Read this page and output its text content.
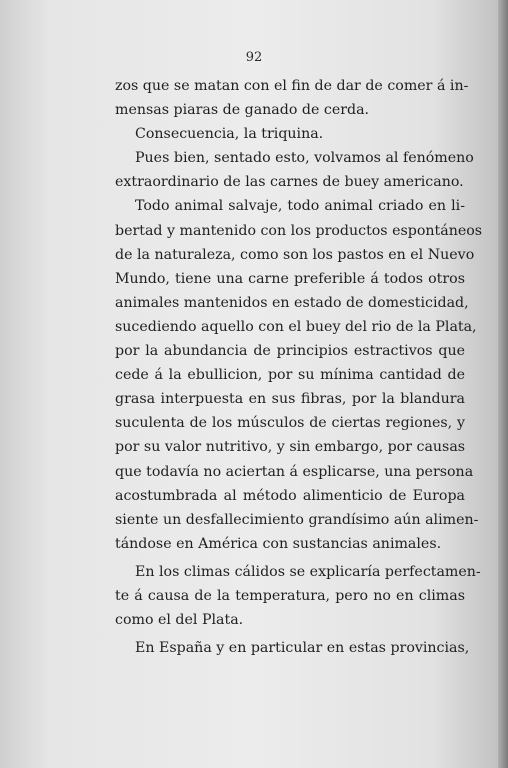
92
zos que se matan con el fin de dar de comer á in-
mensas piaras de ganado de cerda.
Consecuencia, la triquina.
Pues bien, sentado esto, volvamos al fenómeno
extraordinario de las carnes de buey americano.
Todo animal salvaje, todo animal criado en li-
bertad y mantenido con los productos espontáneos
de la naturaleza, como son los pastos en el Nuevo
Mundo, tiene una carne preferible á todos otros
animales mantenidos en estado de domesticidad,
sucediendo aquello con el buey del rio de la Plata,
por la abundancia de principios estractivos que
cede á la ebullicion, por su mínima cantidad de
grasa interpuesta en sus fibras, por la blandura
suculenta de los músculos de ciertas regiones, y
por su valor nutritivo, y sin embargo, por causas
que todavía no aciertan á esplicarse, una persona
acostumbrada al método alimenticio de Europa
siente un desfallecimiento grandísimo aún alimen-
tándose en América con sustancias animales.
En los climas cálidos se explicaría perfectamen-
te á causa de la temperatura, pero no en climas
como el del Plata.
En España y en particular en estas provincias,
